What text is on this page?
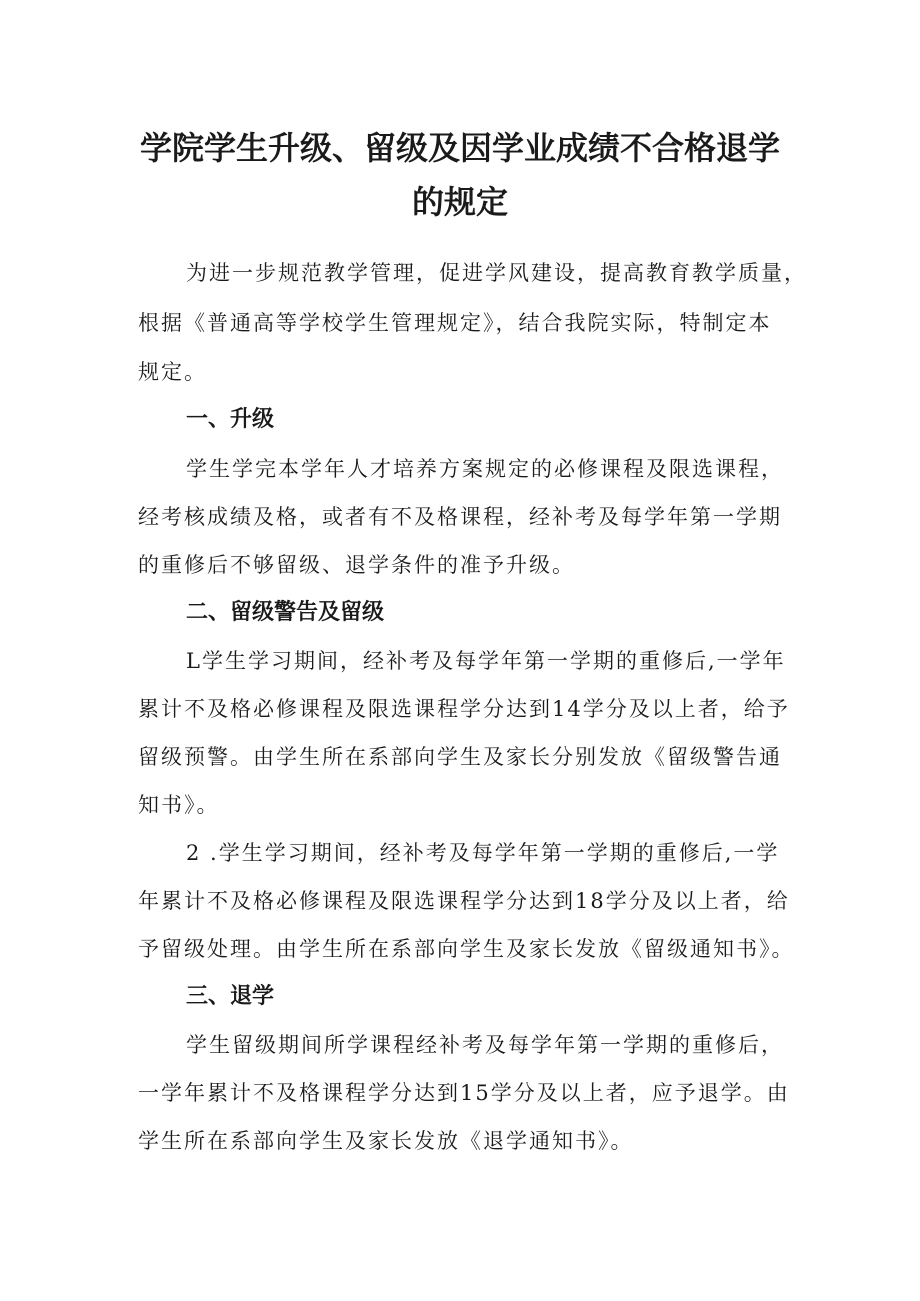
学院学生升级、留级及因学业成绩不合格退学
的规定
为进一步规范教学管理，促进学风建设，提高教育教学质量，
根据《普通高等学校学生管理规定》，结合我院实际，特制定本
规定。
一、升级
学生学完本学年人才培养方案规定的必修课程及限选课程，
经考核成绩及格，或者有不及格课程，经补考及每学年第一学期
的重修后不够留级、退学条件的准予升级。
二、留级警告及留级
L学生学习期间，经补考及每学年第一学期的重修后,一学年
累计不及格必修课程及限选课程学分达到14学分及以上者，给予
留级预警。由学生所在系部向学生及家长分别发放《留级警告通
知书》。
2 .学生学习期间，经补考及每学年第一学期的重修后,一学
年累计不及格必修课程及限选课程学分达到18学分及以上者，给
予留级处理。由学生所在系部向学生及家长发放《留级通知书》。
三、退学
学生留级期间所学课程经补考及每学年第一学期的重修后，
一学年累计不及格课程学分达到15学分及以上者，应予退学。由
学生所在系部向学生及家长发放《退学通知书》。
